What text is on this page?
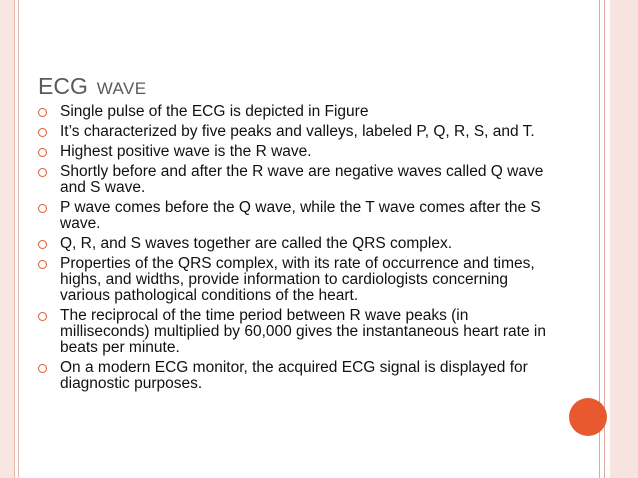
ECG WAVE
Single pulse of the ECG is depicted in Figure
It’s characterized by five peaks and valleys, labeled P, Q, R, S, and T.
Highest positive wave is the R wave.
Shortly before and after the R wave are negative waves called Q wave and S wave.
P wave comes before the Q wave, while the T wave comes after the S wave.
Q, R, and S waves together are called the QRS complex.
Properties of the QRS complex, with its rate of occurrence and times, highs, and widths, provide information to cardiologists concerning various pathological conditions of the heart.
The reciprocal of the time period between R wave peaks (in milliseconds) multiplied by 60,000 gives the instantaneous heart rate in beats per minute.
On a modern ECG monitor, the acquired ECG signal is displayed for diagnostic purposes.
